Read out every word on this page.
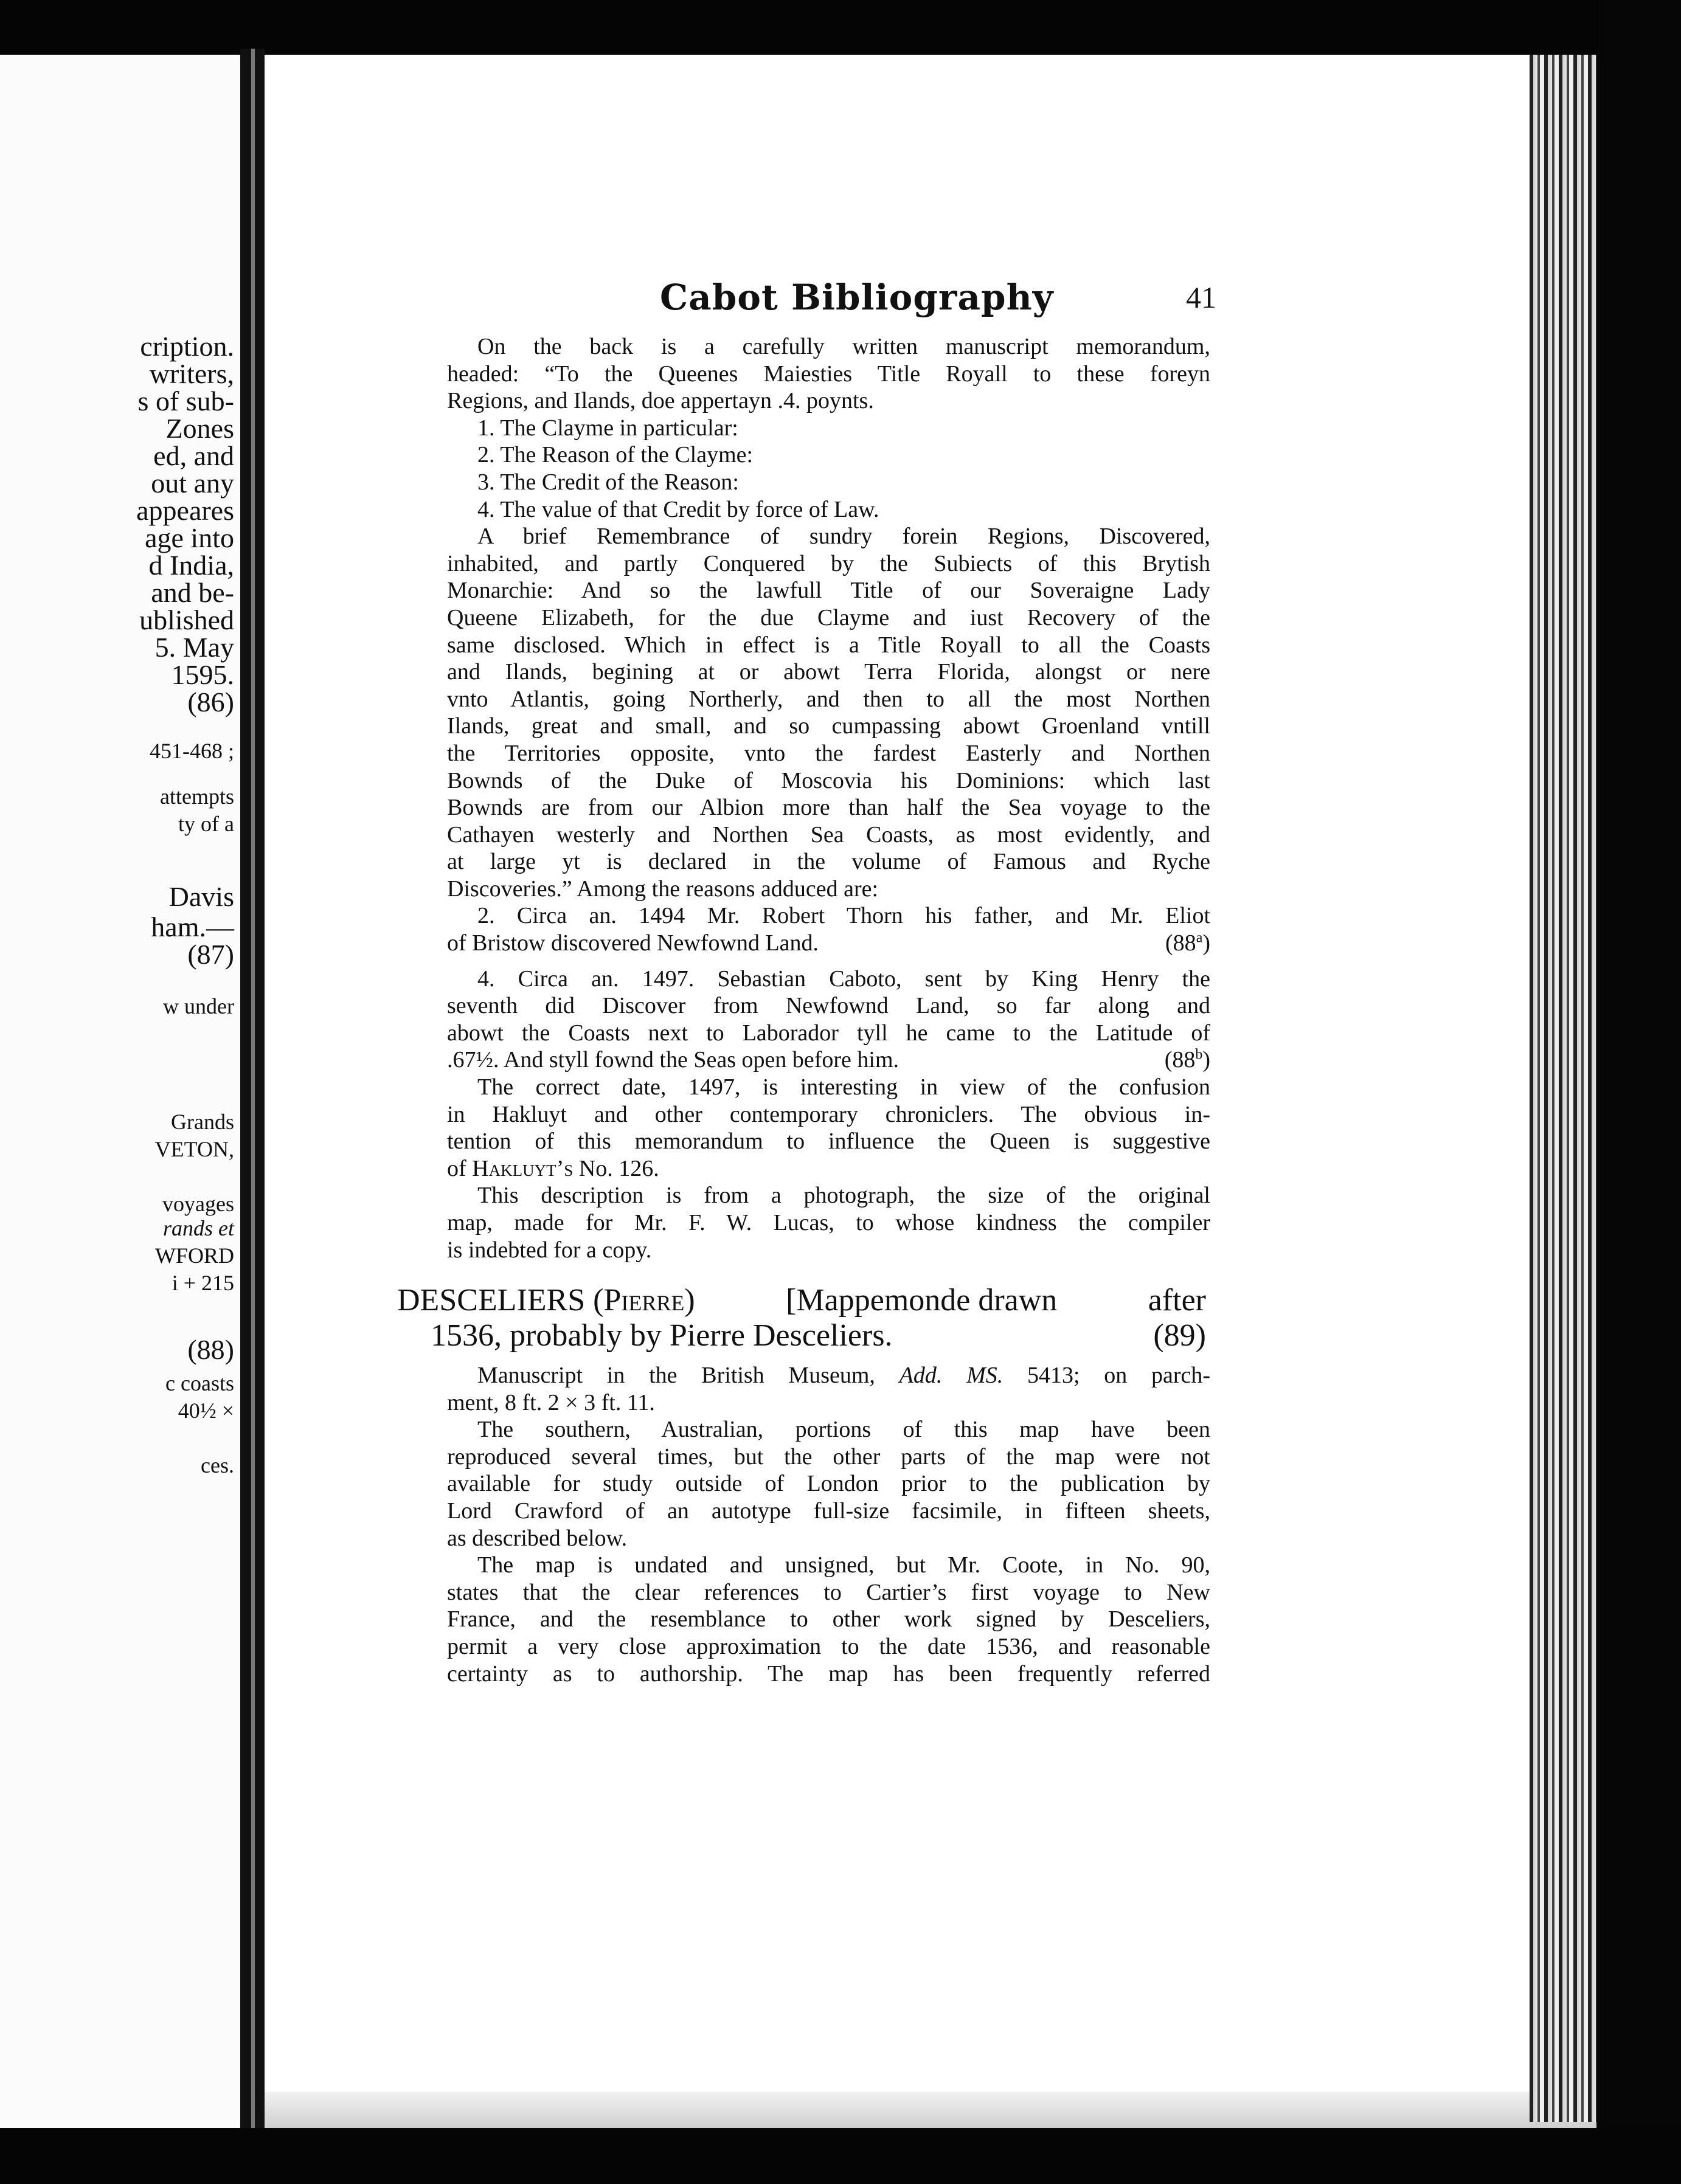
cription.
writers,
s of sub-
Zones
ed, and
out any
appeares
age into
d India,
and be-
ublished
5. May
1595.
(86)
451-468 ;
attempts
ty of a
Davis
ham.—
(87)
w under
Grands
VETON,
voyages
rands et
WFORD
i + 215
(88)
c coasts
40½ ×
ces.
Cabot Bibliography	41

On the back is a carefully written manuscript memorandum,

headed: “To the Queenes Maiesties Title Royall to these foreyn

Regions, and Ilands, doe appertayn .4. poynts.

1. The Clayme in particular:

2. The Reason of the Clayme:

3. The Credit of the Reason:

4. The value of that Credit by force of Law.

A brief Remembrance of sundry forein Regions, Discovered,

inhabited, and partly Conquered by the Subiects of this Brytish

Monarchie: And so the lawfull Title of our Soveraigne Lady

Queene Elizabeth, for the due Clayme and iust Recovery of the

same disclosed. Which in effect is a Title Royall to all the Coasts

and Ilands, begining at or abowt Terra Florida, alongst or nere

vnto Atlantis, going Northerly, and then to all the most Northen

Ilands, great and small, and so cumpassing abowt Groenland vntill

the Territories opposite, vnto the fardest Easterly and Northen

Bownds of the Duke of Moscovia his Dominions: which last

Bownds are from our Albion more than half the Sea voyage to the

Cathayen westerly and Northen Sea Coasts, as most evidently, and

at large yt is declared in the volume of Famous and Ryche

Discoveries.” Among the reasons adduced are:

2. Circa an. 1494 Mr. Robert Thorn his father, and Mr. Eliot

of Bristow discovered Newfownd Land.	(88$^a$)

4. Circa an. 1497. Sebastian Caboto, sent by King Henry the

seventh did Discover from Newfownd Land, so far along and

abowt the Coasts next to Laborador tyll he came to the Latitude of

.67½. And styll fownd the Seas open before him.	(88$^b$)

The correct date, 1497, is interesting in view of the confusion

in Hakluyt and other contemporary chroniclers. The obvious in-

tention of this memorandum to influence the Queen is suggestive

of Hakluyt’s No. 126.

This description is from a photograph, the size of the original

map, made for Mr. F. W. Lucas, to whose kindness the compiler

is indebted for a copy.

DESCELIERS (Pierre)	[Mappemonde drawn	after
1536, probably by Pierre Desceliers.	(89)

Manuscript in the British Museum, Add. MS. 5413; on parch-

ment, 8 ft. 2 × 3 ft. 11.

The southern, Australian, portions of this map have been

reproduced several times, but the other parts of the map were not

available for study outside of London prior to the publication by

Lord Crawford of an autotype full-size facsimile, in fifteen sheets,

as described below.

The map is undated and unsigned, but Mr. Coote, in No. 90,

states that the clear references to Cartier’s first voyage to New

France, and the resemblance to other work signed by Desceliers,

permit a very close approximation to the date 1536, and reasonable

certainty as to authorship. The map has been frequently referred
